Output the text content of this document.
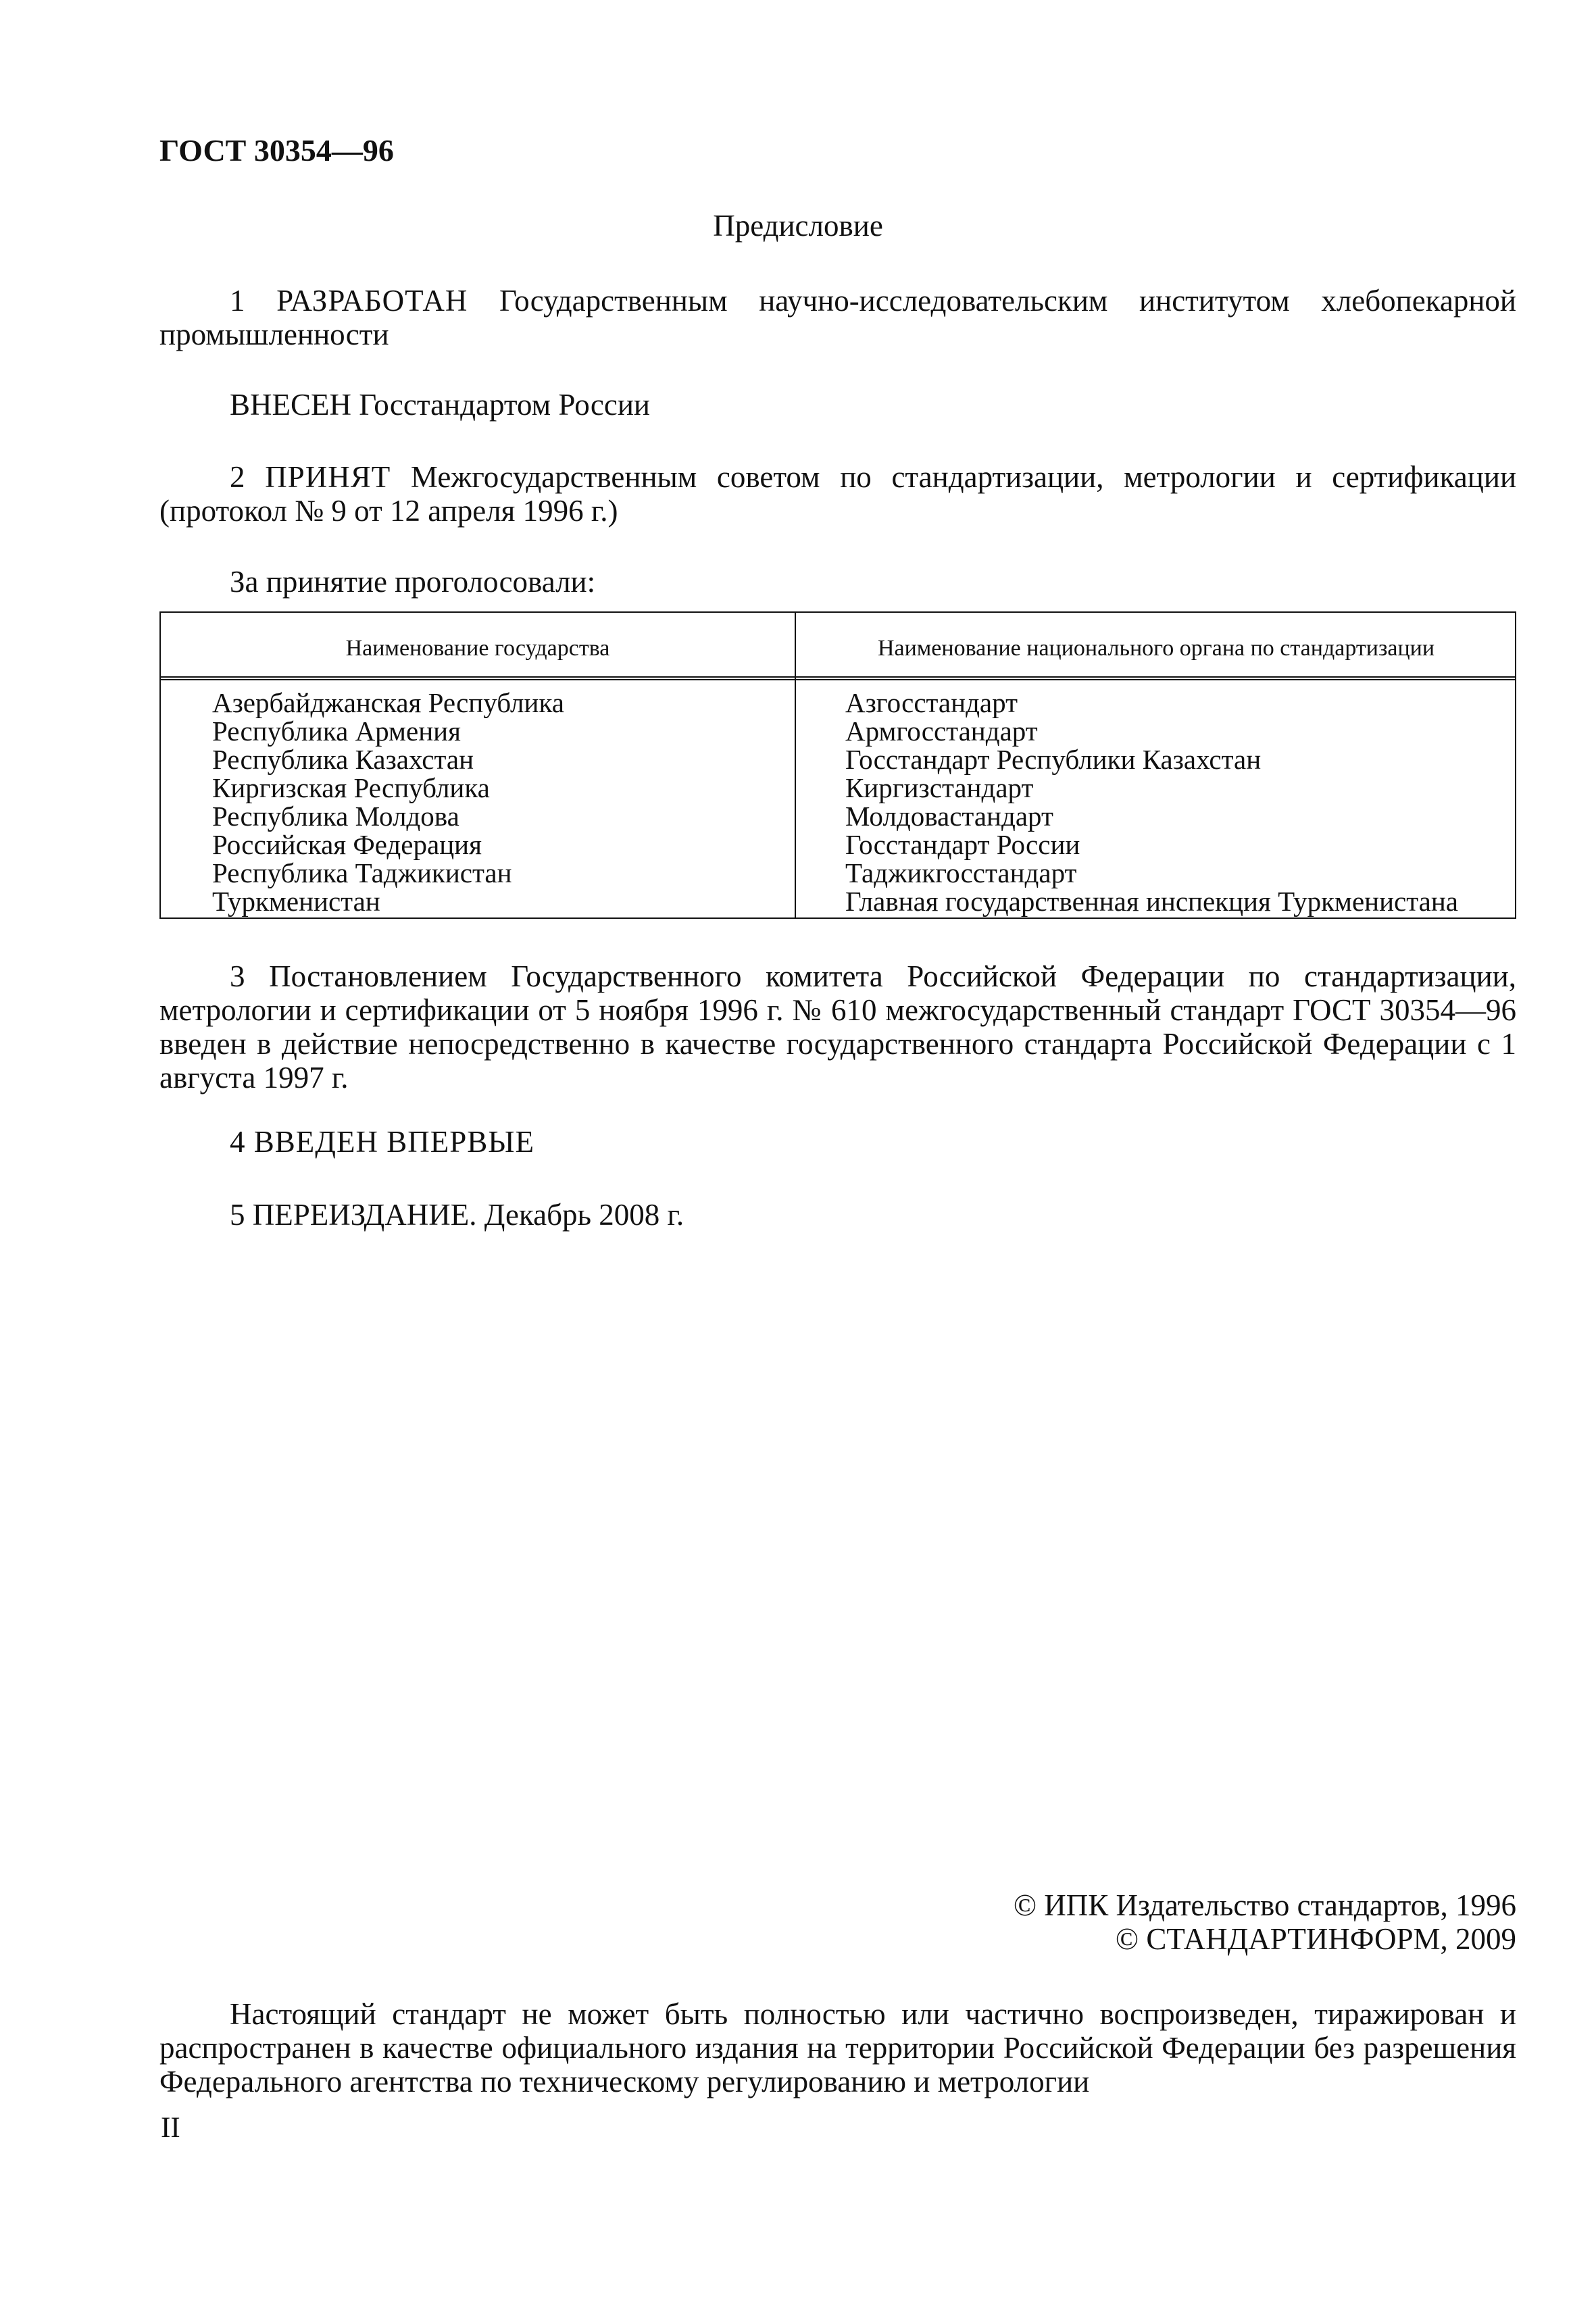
ГОСТ 30354—96
Предисловие

1 РАЗРАБОТАН Государственным научно-исследовательским институтом хлебопекарной промышленности

ВНЕСЕН Госстандартом России

2 ПРИНЯТ Межгосударственным советом по стандартизации, метрологии и сертификации (протокол № 9 от 12 апреля 1996 г.)

За принятие проголосовали:
Наименование государства	Наименование национального органа по стандартизации
Азербайджанская Республика
Республика Армения
Республика Казахстан
Киргизская Республика
Республика Молдова
Российская Федерация
Республика Таджикистан
Туркменистан
Азгосстандарт
Армгосстандарт
Госстандарт Республики Казахстан
Киргизстандарт
Молдовастандарт
Госстандарт России
Таджикгосстандарт
Главная государственная инспекция Туркменистана

3 Постановлением Государственного комитета Российской Федерации по стандартизации, метрологии и сертификации от 5 ноября 1996 г. № 610 межгосударственный стандарт ГОСТ 30354—96 введен в действие непосредственно в качестве государственного стандарта Российской Федерации с 1 августа 1997 г.

4 ВВЕДЕН ВПЕРВЫЕ
5 ПЕРЕИЗДАНИЕ. Декабрь 2008 г.
© ИПК Издательство стандартов, 1996
© СТАНДАРТИНФОРМ, 2009

Настоящий стандарт не может быть полностью или частично воспроизведен, тиражирован и распространен в качестве официального издания на территории Российской Федерации без разрешения Федерального агентства по техническому регулированию и метрологии

II
